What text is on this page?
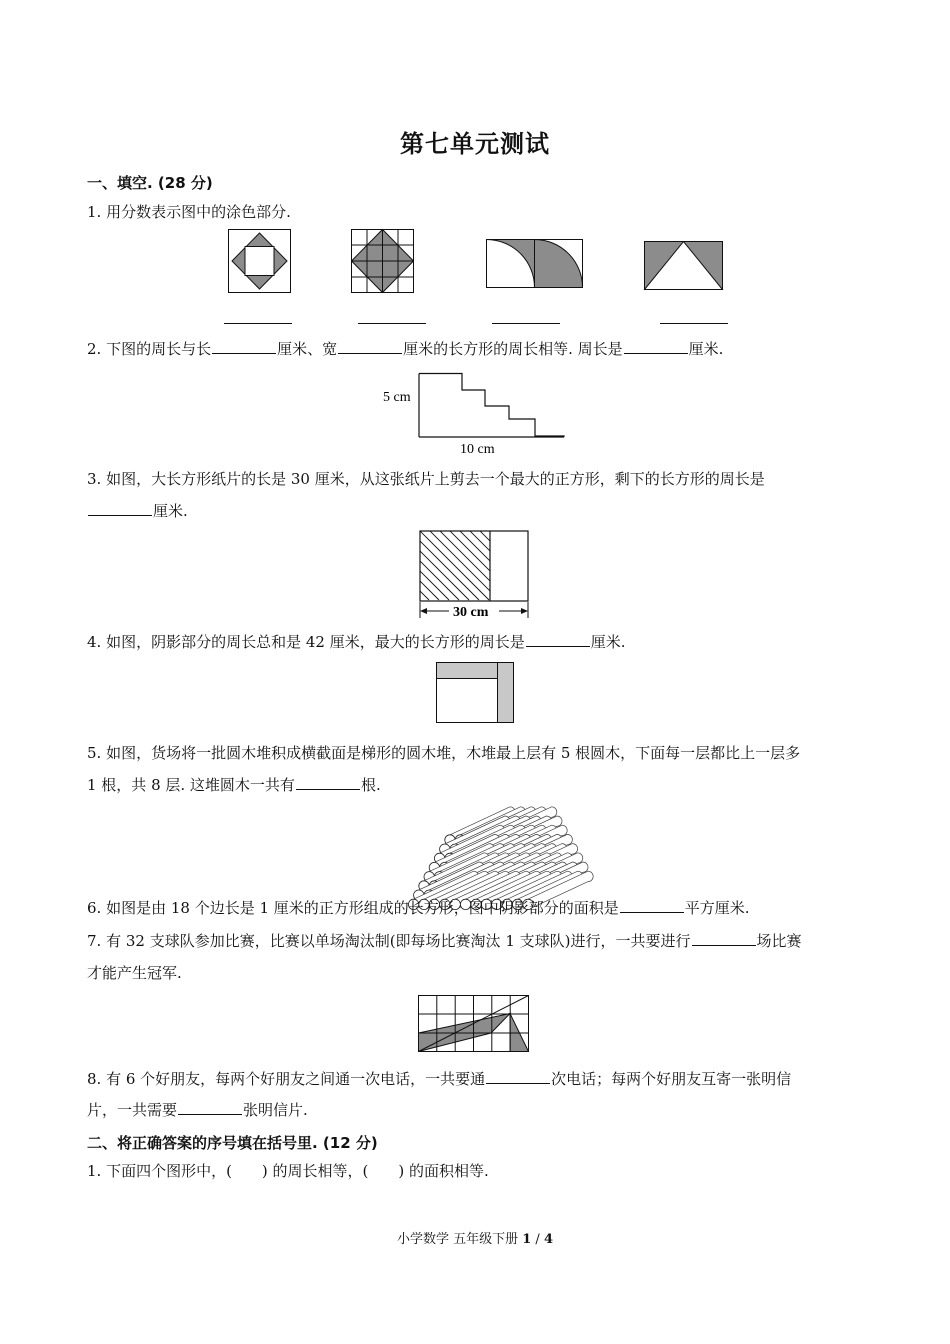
第七单元测试
一、填空. (28 分)
1. 用分数表示图中的涂色部分.
2. 下图的周长与长	厘米、宽	厘米的长方形的周长相等. 周长是	厘米.
5 cm
10 cm
3. 如图，大长方形纸片的长是 30 厘米，从这张纸片上剪去一个最大的正方形，剩下的长方形的周长是
厘米.
30 cm
4. 如图，阴影部分的周长总和是 42 厘米，最大的长方形的周长是	厘米.
5. 如图，货场将一批圆木堆积成横截面是梯形的圆木堆，木堆最上层有 5 根圆木，下面每一层都比上一层多
1 根，共 8 层. 这堆圆木一共有	根.
6. 如图是由 18 个边长是 1 厘米的正方形组成的长方形，图中阴影部分的面积是	平方厘米.
7. 有 32 支球队参加比赛，比赛以单场淘汰制(即每场比赛淘汰 1 支球队)进行，一共要进行	场比赛
才能产生冠军.
8. 有 6 个好朋友，每两个好朋友之间通一次电话，一共要通	次电话；每两个好朋友互寄一张明信
片，一共需要	张明信片.
二、将正确答案的序号填在括号里. (12 分)
1. 下面四个图形中，(　　) 的周长相等，(　　) 的面积相等.
小学数学 五年级下册 1 / 4
